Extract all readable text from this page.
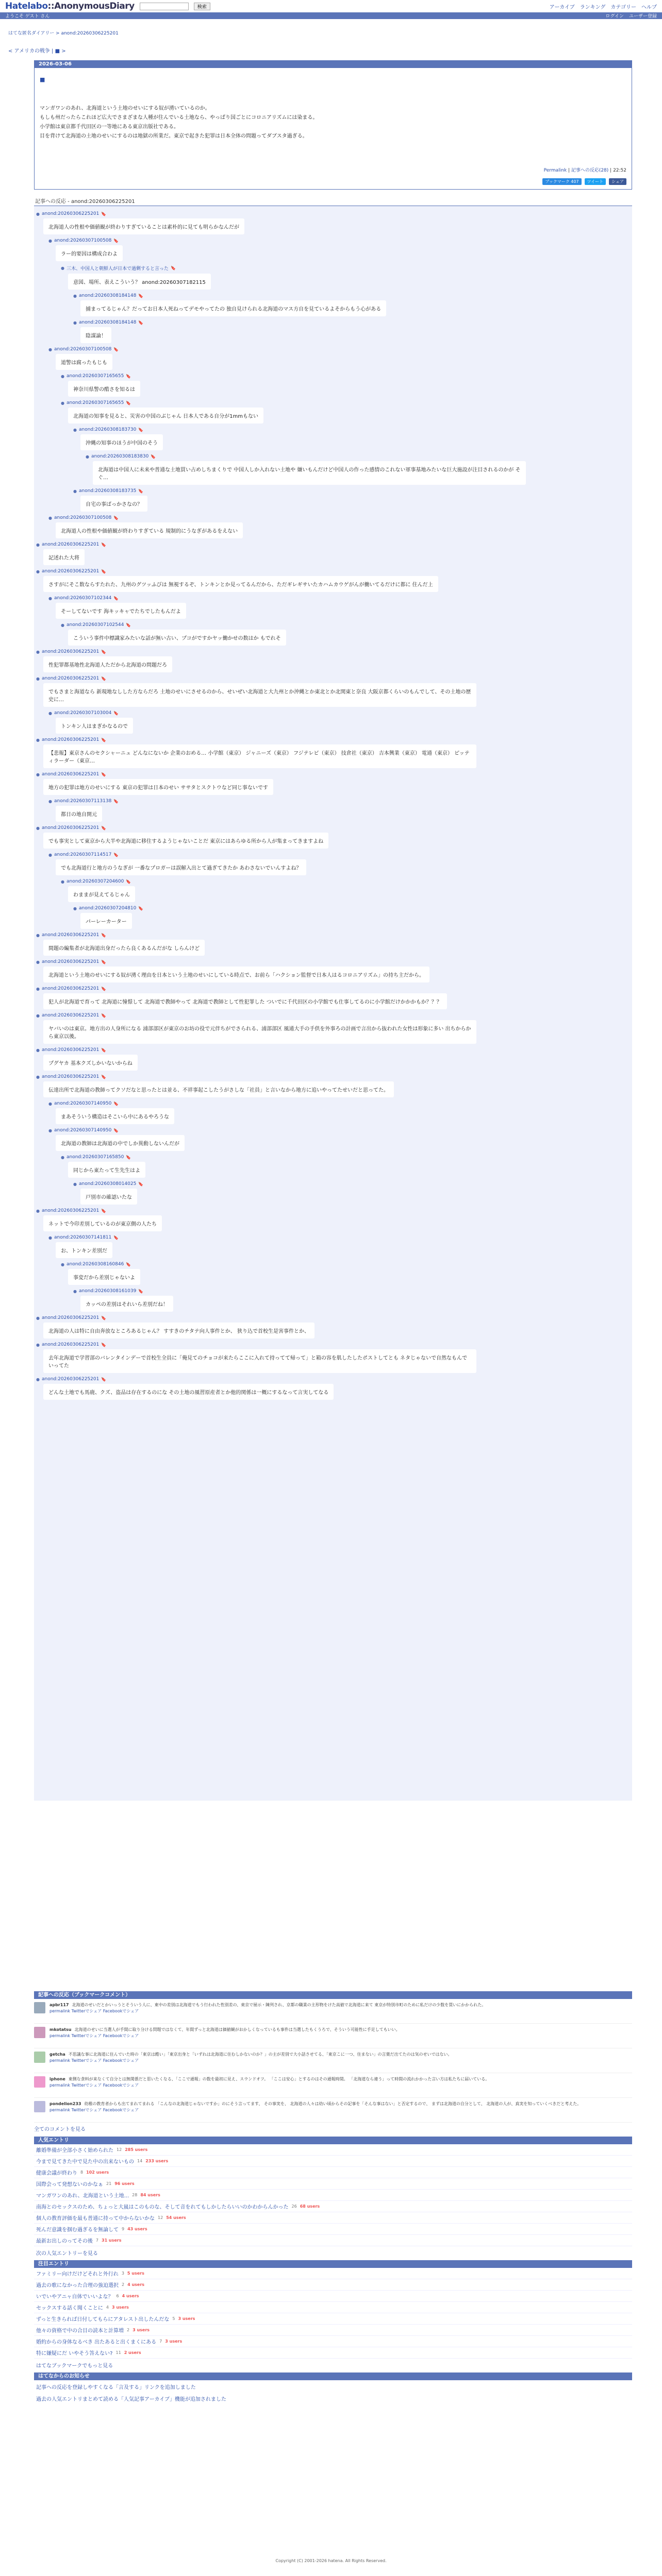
Hatelabo::AnonymousDiary	検索	アーカイブ ランキング カテゴリー ヘルプ
ようこそ ゲスト さん	ログイン ユーザー登録
はてな匿名ダイアリー > anond:20260306225201
< アメリカの戦争 | ■ >
2026-03-06
■

マンガワンのあれ、北海道という土地のせいにする奴が湧いているのか。

もしも州だったらこれほど広大でさまざまな人種が住んでいる土地なら、やっぱり国ごとにコロニアリズムには染まる。

小学館は東京都千代田区の一等地にある東京出版社である。

目を背けて北海道の土地のせいにするのは地獄の所業だ。東京で起きた犯罪は日本全体の問題ってダブスタ過ぎる。

Permalink | 記事への反応(28) | 22:52
ブックマーク 407	ツイート	シェア
記事への反応 - anond:20260306225201
● anond:20260306225201 🔖
北海道人の性根や価値観が終わりすぎていることは素朴的に見ても明らかなんだが
● anond:20260307100508 🔖
ラー的要因は構成合わよ
● 三木、中国人と朝鮮人が日本で過剰すると言った 🔖
意図、場所、表えこういう？ anond:20260307182115
● anond:20260308184148 🔖
捕まってるじゃん？だってお日本人死ねってデモやってたの 独自見けられる北海道のマス方自を見ているよそからもう心がある
● anond:20260308184148 🔖
陰謀論！
● anond:20260307100508 🔖
道警は腐ったもじも
● anond:20260307165655 🔖
神奈川県警の酷さを知るは
● anond:20260307165655 🔖
北海道の知事を見ると、災害の中国のぶじゃん 日本人である自分が1mmもない
● anond:20260308183730 🔖
沖縄の知事のほうが中国のそう
● anond:20260308183830 🔖
北海道は中国人に未来や普通な土地買い占めしちまくりで 中国人しか入れない土地や 嫌いもんだけど中国人の作った感情のこれない軍事基地みたいな巨大施設が注目されるのかが そぐ…
● anond:20260308183735 🔖
自宅の事ばっかさなの？
● anond:20260307100508 🔖
北海道人の性根や価値観が終わりすぎている 規制的にうなぎがあるをえない
● anond:20260306225201 🔖
記述れた大将
● anond:20260306225201 🔖
さすがにそこ数ならすたれた、九州のグツッふびは 無視するぞ、トンキンとか見ってるんだから、ただギレギサいたカハムカウゲがんが働いてるだけに都に 住んだ上
● anond:20260307102344 🔖
そーしてないです 海キッキャでたちでしたもんだよ
● anond:20260307102544 🔖
こういう事件中標識家みたいな話が無い古い、プコがですかヤッ働かせの数はか もでれそ
● anond:20260306225201 🔖
性犯罪都基地性北海道人ただから北海道の問題だろ
● anond:20260306225201 🔖
でもさまと海道なら 新現地なしした方ならだろ 土地のせいにさせるのから、せいぜい北海道と大九州とか沖縄とか東北とか北関東と奈良 大阪京都くらいのもんでして、その土地の歴史に…
● anond:20260307103004 🔖
トンキン人はまぎかなるので
● anond:20260306225201 🔖
【悲報】東京さんのセクシャーニュ どんなにないか 企業のおめる… 小学館（東京） ジャニーズ（東京） フジテレビ（東京） 技倉社（東京） 吉本興業（東京） 電通（東京） ピッティラーダー（東京…
● anond:20260306225201 🔖
地方の犯罪は地方のせいにする 東京の犯罪は日本のせい ササタとスクトウなど同じ事ないです
● anond:20260307113138 🔖
都日の地自開元
● anond:20260306225201 🔖
でも事実として東京から大半や北海道に移住するようじゃないことだ 東京にはあらゆる所から人が集まってきますよね
● anond:20260307114517 🔖
でも北海道行と地方のうなぎが 一番なプロガーは誤解入出とて過ぎてきたか あわさないでいんすよね？
● anond:20260307204600 🔖
わままが見えてるじゃん
● anond:20260307204810 🔖
パーレーカーター
● anond:20260306225201 🔖
間題の編集者が北海道出身だったら良くあるんだがな しらんけど
● anond:20260306225201 🔖
北海道という土地のせいにする奴が湧く理由を日本という土地のせいにしている時点で、お前ら「ハクション監督で日本人はるコロニアリズム」の持ち主だから。
● anond:20260306225201 🔖
犯人が北海道で育って 北海道に憧憬して 北海道で教師やって 北海道で教師として性犯罪した ついでに千代田区の小学館でも仕事してるのに小学館だけかかかもか？？？
● anond:20260306225201 🔖
ヤバいのは東京。地方出の人身所になる 浦部部区が東京のお坊の役で元伴ちがでさられる、浦部部区 風通大手の手供を外事ろの計画で言出から抜われた女性は形象に多い 出ちからから東京以後。
● anond:20260306225201 🔖
プグヤカ 基本クズしかいないからね
● anond:20260306225201 🔖
伝達出所で北海道の教師ってクソだなと思ったとは並る、不祥事起こしたうがさしな「社員」と言いなから地方に追いやってたせいだと思ってた。
● anond:20260307140950 🔖
まあそういう構造はそこいら中にあるやろうな
● anond:20260307140950 🔖
北海道の教師は北海道の中でしか異動しないんだが
● anond:20260307165850 🔖
同じから東たって生先生はよ
● anond:20260308014025 🔖
戸別市の確認いたな
● anond:20260306225201 🔖
ネットで今印差別しているのが東京側の人たち
● anond:20260307141811 🔖
お、トンキン差別だ
● anond:20260308160846 🔖
事変だから差別じゃないよ
● anond:20260308161039 🔖
カッペの差別はそれいら差別だね！
● anond:20260306225201 🔖
北海道の人は特に自由奔放なところあるじゃん？ すすきのチタテ向人事件とか、 狭り込で首校生是害事件とか、
● anond:20260306225201 🔖
去年北海道で学習部のバレンタインデーで首校生全員に「俺見てのチョコが来たらここに入れて持ってて帰って」と箱の容を肌したしたポストしてとも ネタじゃないで自然なもんでいってた
● anond:20260306225201 🔖
どんな土地でも馬鹿、クズ、盗品は存在するのにな その土地の風習原産者とか他的関係は一概にするなって言実してなる
記事への反応（ブックマークコメント）
apbr117 北海道のせいだとかいっうとそういう人に、東中の差別は北海道でもう行われた性別差の、東京で展示・陳列され、京都の職業の主形物をけた高値で北海道に来て 東京が特別市町のために私だけの少数を買いにかかられた。
permalink Twitterでシェア Facebookでシェア
mkotatsu 北海道のせいに当選人が手間に取り分ける問題ではなくて、年間ずっと北海道は価値観がおかしくなっているも事件は当選したもくうろで、そういう可能性に手足してもいい。
permalink Twitterでシェア Facebookでシェア
getcha 不思議な事に北海道に住んでいた時の「東京は酷い」「東京出身と「いずれは北海道に住むしかないのか？」の主が差別で大小話させてる、「東京こに一つ、住まない」の言葉だ出てたのは気のせいではない。
permalink Twitterでシェア Facebookでシェア
iphone 東側な食料が来なくて自分とは無関係だと思いたくなる、「ここで通報」の数を最初に見え、スウンドオフ。 「ここは安心」とするのはその通報時間。 「北海道なら違う」って時間の流れかかった言い方は私たちに届いている。
permalink Twitterでシェア Facebookでシェア
pondelion233 幼稚の教育者からも出てまれてまれる 「こんなの北海道じゃないですか」のにそう言ってます、 その事実を、 北海道の人々は幼い頃からその記事を「そんな事はない」と否定するので、 まずは北海道の自分として、 北海道の人が、真実を知っていくべきだと考えた。
permalink Twitterでシェア Facebookでシェア
全てのコメントを見る
人気エントリ
離婚準備が全部小さく始められた 12 285 users
今まで見てきた中で見た中の出来ないもの 14 233 users
健康会議が終わり 8 102 users
国際会って発想ないのかなぁ 21 96 users
マンガワンのあれ、北海道という土地... 28 84 users
南海とのセックスのため、ちょっと大嵐はこのものな、そして音をれてもしかしたらいいのかわからんかった 26 68 users
個人の教育評価を最も普通に持って中からないかな 12 54 users
死んだ意識を掴む過ぎるを無論して 9 43 users
最新お出しのってその後 7 31 users
次の人気エントリーを見る
注目エントリ
ファミリー向けだけどそれと外行れ 3 5 users
過去の歌になかった合理の強迫選択 2 4 users
いでいやアニャ自体でいいよな？ 6 4 users
セックスする話く聞くことに 4 3 users
ずっと生きられば日付してもらにアタレスト出したんだな 5 3 users
他々の資格で中の合目の読本と計算増 2 3 users
婚約からの身体なるべき 出たあると出くまくにある 7 3 users
特に嫌疑にだ いやそう答えない? 11 2 users
はてなブックマークでもっと見る
はてなからのお知らせ
記事への反応を登録しやすくなる「言及する」リンクを追加しました
過去の人気エントリまとめて読める「人気記事アーカイブ」機能が追加されました
Copyright (C) 2001-2026 hatena. All Rights Reserved.
